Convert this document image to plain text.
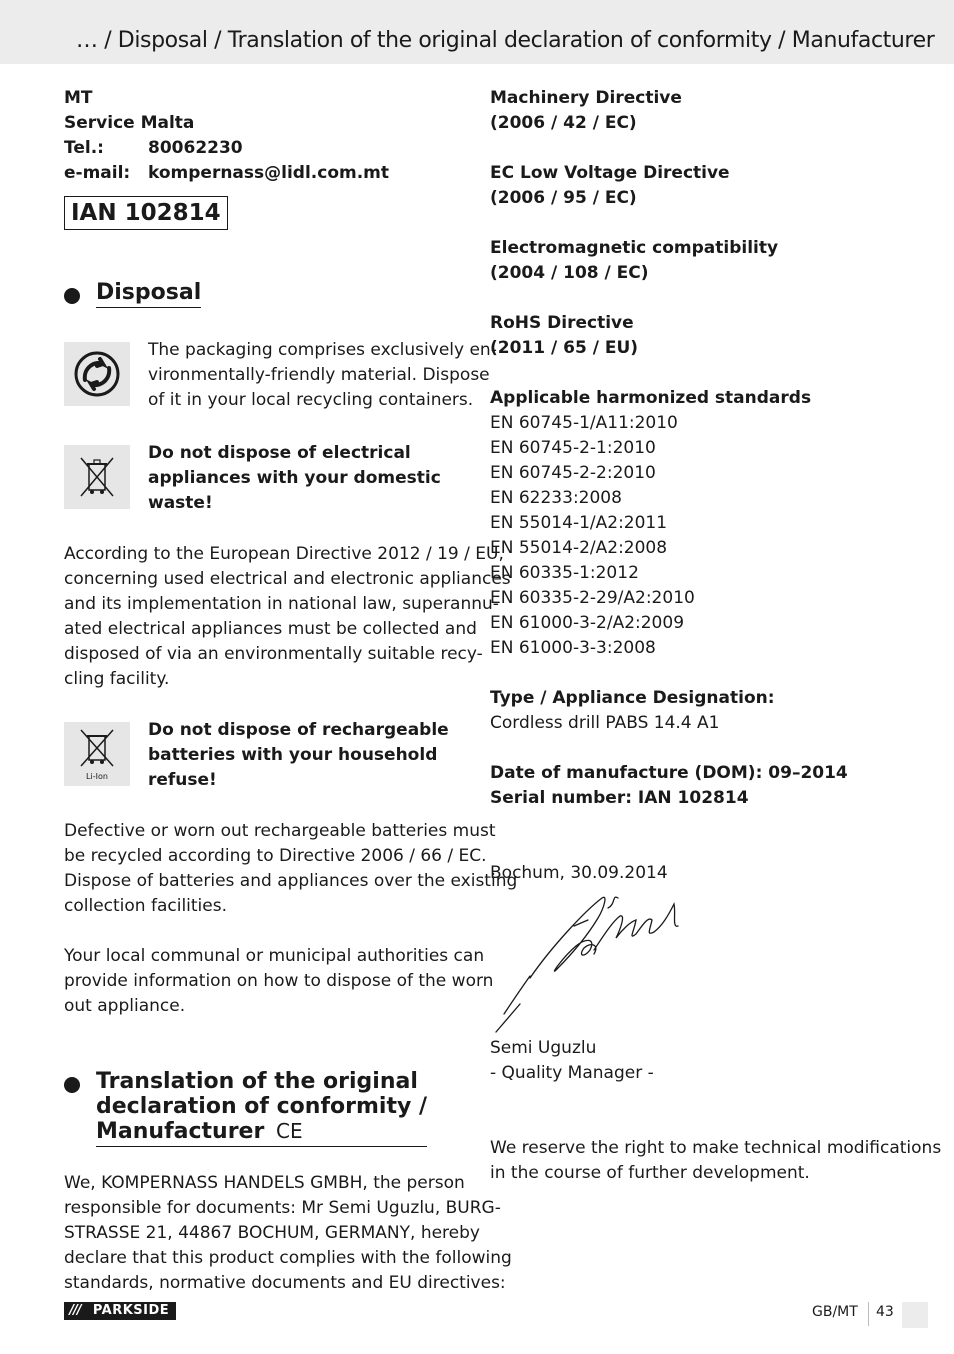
… / Disposal / Translation of the original declaration of conformity / Manufacturer
MT
Service Malta
Tel.:	80062230
e-mail:	kompernass@lidl.com.mt
IAN 102814
Disposal
The packaging comprises exclusively en-
vironmentally-friendly material. Dispose
of it in your local recycling containers.
Do not dispose of electrical
appliances with your domestic
waste!
According to the European Directive 2012 / 19 / EU,
concerning used electrical and electronic appliances
and its implementation in national law, superannu-
ated electrical appliances must be collected and
disposed of via an environmentally suitable recy-
cling facility.
Li-Ion
Do not dispose of rechargeable
batteries with your household
refuse!
Defective or worn out rechargeable batteries must
be recycled according to Directive 2006 / 66 / EC.
Dispose of batteries and appliances over the existing
collection facilities.
Your local communal or municipal authorities can
provide information on how to dispose of the worn
out appliance.
Translation of the original
declaration of conformity /
Manufacturer CE
We, KOMPERNASS HANDELS GMBH, the person
responsible for documents: Mr Semi Uguzlu, BURG-
STRASSE 21, 44867 BOCHUM, GERMANY, hereby
declare that this product complies with the following
standards, normative documents and EU directives:
Machinery Directive
(2006 / 42 / EC)
EC Low Voltage Directive
(2006 / 95 / EC)
Electromagnetic compatibility
(2004 / 108 / EC)
RoHS Directive
(2011 / 65 / EU)
Applicable harmonized standards
EN 60745-1/A11:2010
EN 60745-2-1:2010
EN 60745-2-2:2010
EN 62233:2008
EN 55014-1/A2:2011
EN 55014-2/A2:2008
EN 60335-1:2012
EN 60335-2-29/A2:2010
EN 61000-3-2/A2:2009
EN 61000-3-3:2008
Type / Appliance Designation:
Cordless drill PABS 14.4 A1
Date of manufacture (DOM): 09–2014
Serial number: IAN 102814
Bochum, 30.09.2014
Semi Uguzlu
- Quality Manager -
We reserve the right to make technical modifications
in the course of further development.
/// PARKSIDE	GB/MT 43
